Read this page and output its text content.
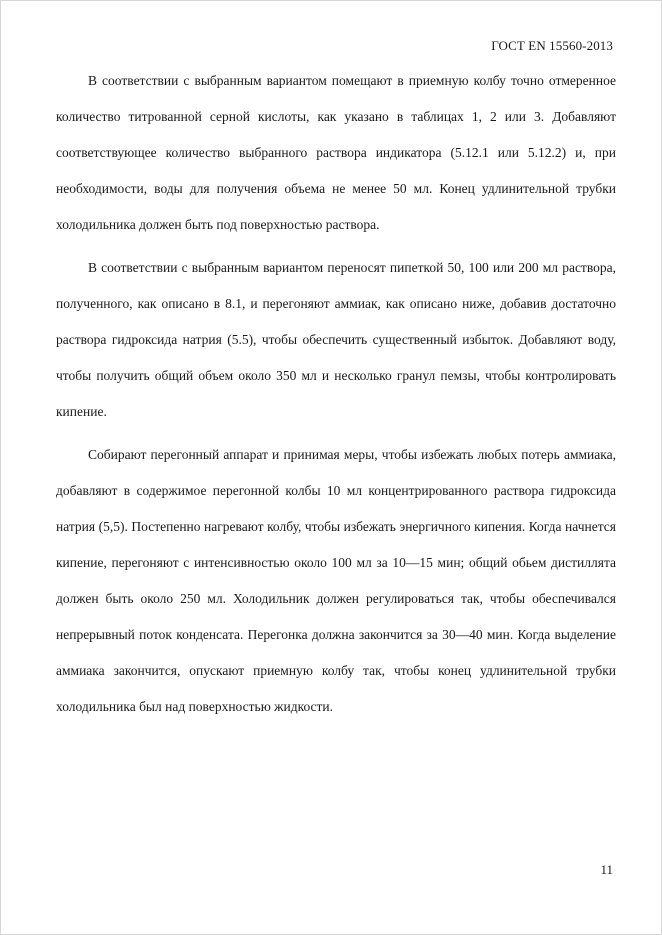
ГОСТ EN 15560-2013

В соответствии с выбранным вариантом помещают в приемную колбу точно отмеренное количество титрованной серной кислоты, как указано в таблицах 1, 2 или 3. Добавляют соответствующее количество выбранного раствора индикатора (5.12.1 или 5.12.2) и, при необходимости, воды для получения объема не менее 50 мл. Конец удлинительной трубки холодильника должен быть под поверхностью раствора.

В соответствии с выбранным вариантом переносят пипеткой 50, 100 или 200 мл раствора, полученного, как описано в 8.1, и перегоняют аммиак, как описано ниже, добавив достаточно раствора гидроксида натрия (5.5), чтобы обеспечить существенный избыток. Добавляют воду, чтобы получить общий объем около 350 мл и несколько гранул пемзы, чтобы контролировать кипение.

Собирают перегонный аппарат и принимая меры, чтобы избежать любых потерь аммиака, добавляют в содержимое перегонной колбы 10 мл концентрированного раствора гидроксида натрия (5,5). Постепенно нагревают колбу, чтобы избежать энергичного кипения. Когда начнется кипение, перегоняют с интенсивностью около 100 мл за 10—15 мин; общий обьем дистиллята должен быть около 250 мл. Холодильник должен регулироваться так, чтобы обеспечивался непрерывный поток конденсата. Перегонка должна закончится за 30—40 мин. Когда выделение аммиака закончится, опускают приемную колбу так, чтобы конец удлинительной трубки холодильника был над поверхностью жидкости.

11
